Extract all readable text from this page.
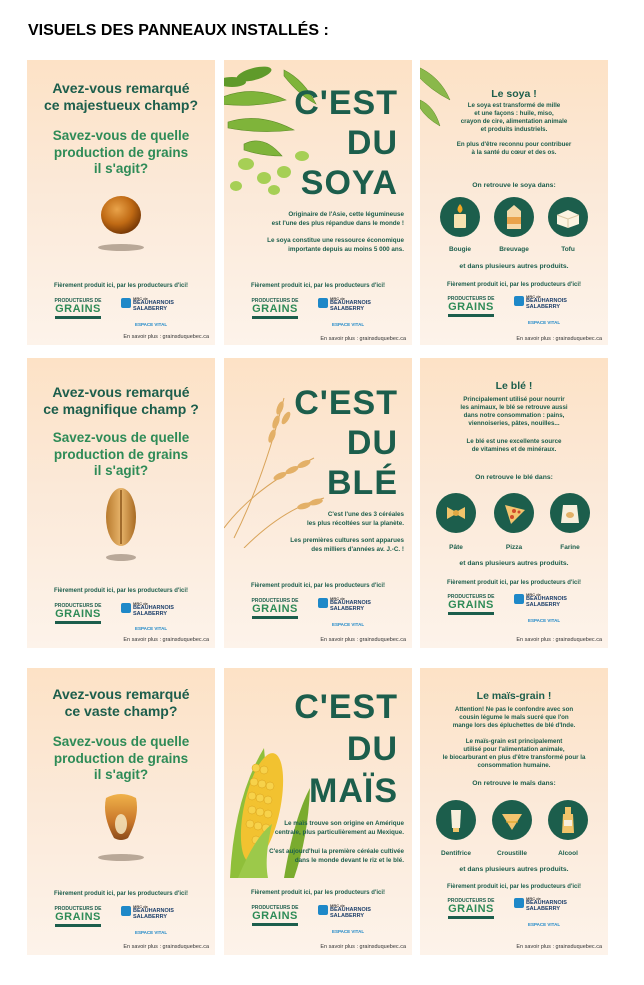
VISUELS DES PANNEAUX INSTALLÉS :
Avez-vous remarqué
ce majestueux champ?
Savez-vous de quelle
production de grains
il s'agit?
Fièrement produit ici, par les producteurs d'ici!
PRODUCTEURS DE
GRAINS
MRC de
BEAUHARNOIS
SALABERRY
ESPACE VITAL
En savoir plus : grainsduquebec.ca
C'EST
DU
SOYA
Originaire de l'Asie, cette légumineuse
est l'une des plus répandue dans le monde !
Le soya constitue une ressource économique
importante depuis au moins 5 000 ans.
Fièrement produit ici, par les producteurs d'ici!
PRODUCTEURS DE
GRAINS
MRC de
BEAUHARNOIS
SALABERRY
ESPACE VITAL
En savoir plus : grainsduquebec.ca
Le soya !
Le soya est transformé de mille
et une façons : huile, miso,
crayon de cire, alimentation animale
et produits industriels.
En plus d'être reconnu pour contribuer
à la santé du cœur et des os.
On retrouve le soya dans:
Bougie	Breuvage	Tofu
et dans plusieurs autres produits.
Fièrement produit ici, par les producteurs d'ici!
PRODUCTEURS DE
GRAINS
MRC de
BEAUHARNOIS
SALABERRY
ESPACE VITAL
En savoir plus : grainsduquebec.ca
Avez-vous remarqué
ce magnifique champ ?
Savez-vous de quelle
production de grains
il s'agit?
Fièrement produit ici, par les producteurs d'ici!
PRODUCTEURS DE
GRAINS
MRC de
BEAUHARNOIS
SALABERRY
ESPACE VITAL
En savoir plus : grainsduquebec.ca
C'EST
DU
BLÉ
C'est l'une des 3 céréales
les plus récoltées sur la planète.
Les premières cultures sont apparues
des milliers d'années av. J.-C. !
Fièrement produit ici, par les producteurs d'ici!
PRODUCTEURS DE
GRAINS
MRC de
BEAUHARNOIS
SALABERRY
ESPACE VITAL
En savoir plus : grainsduquebec.ca
Le blé !
Principalement utilisé pour nourrir
les animaux, le blé se retrouve aussi
dans notre consommation : pains,
viennoiseries, pâtes, nouilles...
Le blé est une excellente source
de vitamines et de minéraux.
On retrouve le blé dans:
Pâte	Pizza	Farine
et dans plusieurs autres produits.
Fièrement produit ici, par les producteurs d'ici!
PRODUCTEURS DE
GRAINS
MRC de
BEAUHARNOIS
SALABERRY
ESPACE VITAL
En savoir plus : grainsduquebec.ca
Avez-vous remarqué
ce vaste champ?
Savez-vous de quelle
production de grains
il s'agit?
Fièrement produit ici, par les producteurs d'ici!
PRODUCTEURS DE
GRAINS
MRC de
BEAUHARNOIS
SALABERRY
ESPACE VITAL
En savoir plus : grainsduquebec.ca
C'EST
DU
MAÏS
Le maïs trouve son origine en Amérique
centrale, plus particulièrement au Mexique.
C'est aujourd'hui la première céréale cultivée
dans le monde devant le riz et le blé.
Fièrement produit ici, par les producteurs d'ici!
PRODUCTEURS DE
GRAINS
MRC de
BEAUHARNOIS
SALABERRY
ESPACE VITAL
En savoir plus : grainsduquebec.ca
Le maïs-grain !
Attention! Ne pas le confondre avec son
cousin légume le maïs sucré que l'on
mange lors des épluchettes de blé d'Inde.
Le maïs-grain est principalement
utilisé pour l'alimentation animale,
le biocarburant en plus d'être transformé pour la consommation humaine.
On retrouve le maïs dans:
Dentifrice	Croustille	Alcool
et dans plusieurs autres produits.
Fièrement produit ici, par les producteurs d'ici!
PRODUCTEURS DE
GRAINS
MRC de
BEAUHARNOIS
SALABERRY
ESPACE VITAL
En savoir plus : grainsduquebec.ca
